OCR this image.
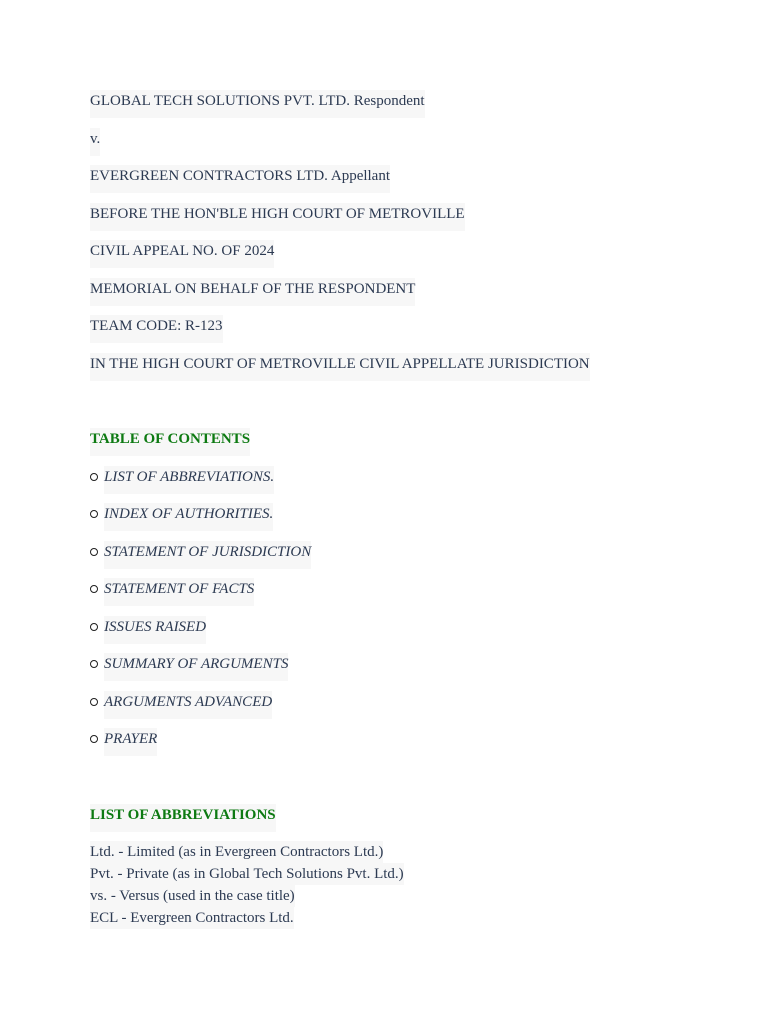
GLOBAL TECH SOLUTIONS PVT. LTD. Respondent
v.
EVERGREEN CONTRACTORS LTD. Appellant
BEFORE THE HON'BLE HIGH COURT OF METROVILLE
CIVIL APPEAL NO. OF 2024
MEMORIAL ON BEHALF OF THE RESPONDENT
TEAM CODE: R-123
IN THE HIGH COURT OF METROVILLE CIVIL APPELLATE JURISDICTION
TABLE OF CONTENTS
LIST OF ABBREVIATIONS.
INDEX OF AUTHORITIES.
STATEMENT OF JURISDICTION
STATEMENT OF FACTS
ISSUES RAISED
SUMMARY OF ARGUMENTS
ARGUMENTS ADVANCED
PRAYER
LIST OF ABBREVIATIONS
Ltd. - Limited (as in Evergreen Contractors Ltd.)
Pvt. - Private (as in Global Tech Solutions Pvt. Ltd.)
vs. - Versus (used in the case title)
ECL - Evergreen Contractors Ltd.
